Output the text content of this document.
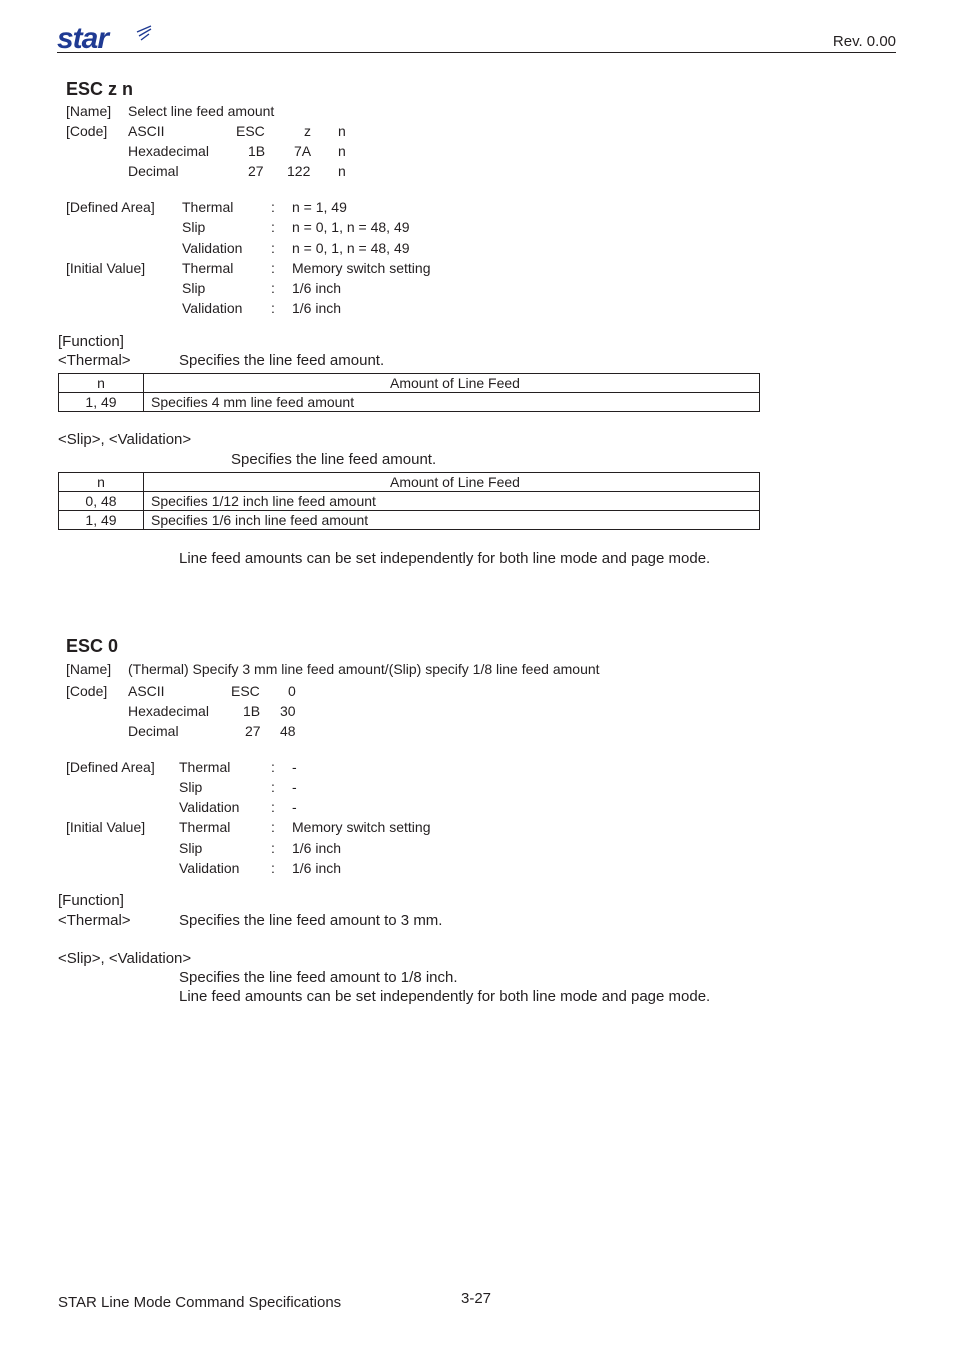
star	Rev. 0.00
ESC z n
[Name] Select line feed amount
[Code] ASCII	ESC	z n
Hexadecimal	1B 7A n
Decimal	27 122 n
[Defined Area] Thermal	: n = 1, 49
Slip	: n = 0, 1, n = 48, 49
Validation : n = 0, 1, n = 48, 49
[Initial Value]	Thermal	: Memory switch setting
Slip	: 1/6 inch
Validation : 1/6 inch
[Function]
<Thermal>	Specifies the line feed amount.
n	Amount of Line Feed
1, 49	Specifies 4 mm line feed amount
<Slip>, <Validation>
Specifies the line feed amount.
n	Amount of Line Feed
0, 48	Specifies 1/12 inch line feed amount
1, 49	Specifies 1/6 inch line feed amount
Line feed amounts can be set independently for both line mode and page mode.
ESC 0
[Name] (Thermal) Specify 3 mm line feed amount/(Slip) specify 1/8 line feed amount
[Code] ASCII	ESC 0
Hexadecimal 1B 30
Decimal	27 48
[Defined Area] Thermal	: -
Slip	: -
Validation : -
[Initial Value] Thermal	: Memory switch setting
Slip	: 1/6 inch
Validation : 1/6 inch
[Function]
<Thermal>	Specifies the line feed amount to 3 mm.
<Slip>, <Validation>
Specifies the line feed amount to 1/8 inch.
Line feed amounts can be set independently for both line mode and page mode.
STAR Line Mode Command Specifications	3-27
